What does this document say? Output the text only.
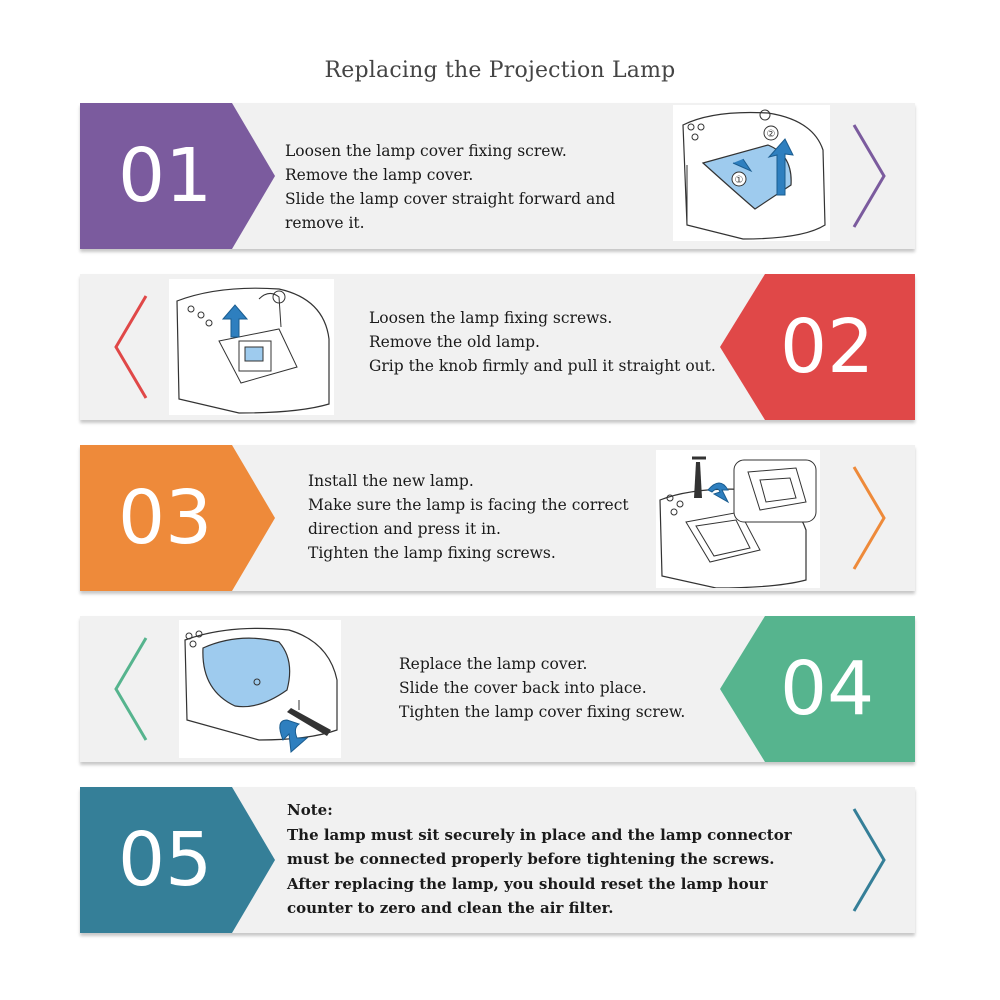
Replacing the Projection Lamp
01	Loosen the lamp cover fixing screw.
Remove the lamp cover.
Slide the lamp cover straight forward and
remove it.
①
②
Loosen the lamp fixing screws.
Remove the old lamp.
Grip the knob firmly and pull it straight out. 02
03	Install the new lamp.
Make sure the lamp is facing the correct
direction and press it in.
Tighten the lamp fixing screws.
Replace the lamp cover.
Slide the cover back into place.
Tighten the lamp cover fixing screw. 04
05
Note:
The lamp must sit securely in place and the lamp connector
must be connected properly before tightening the screws.
After replacing the lamp, you should reset the lamp hour
counter to zero and clean the air filter.
